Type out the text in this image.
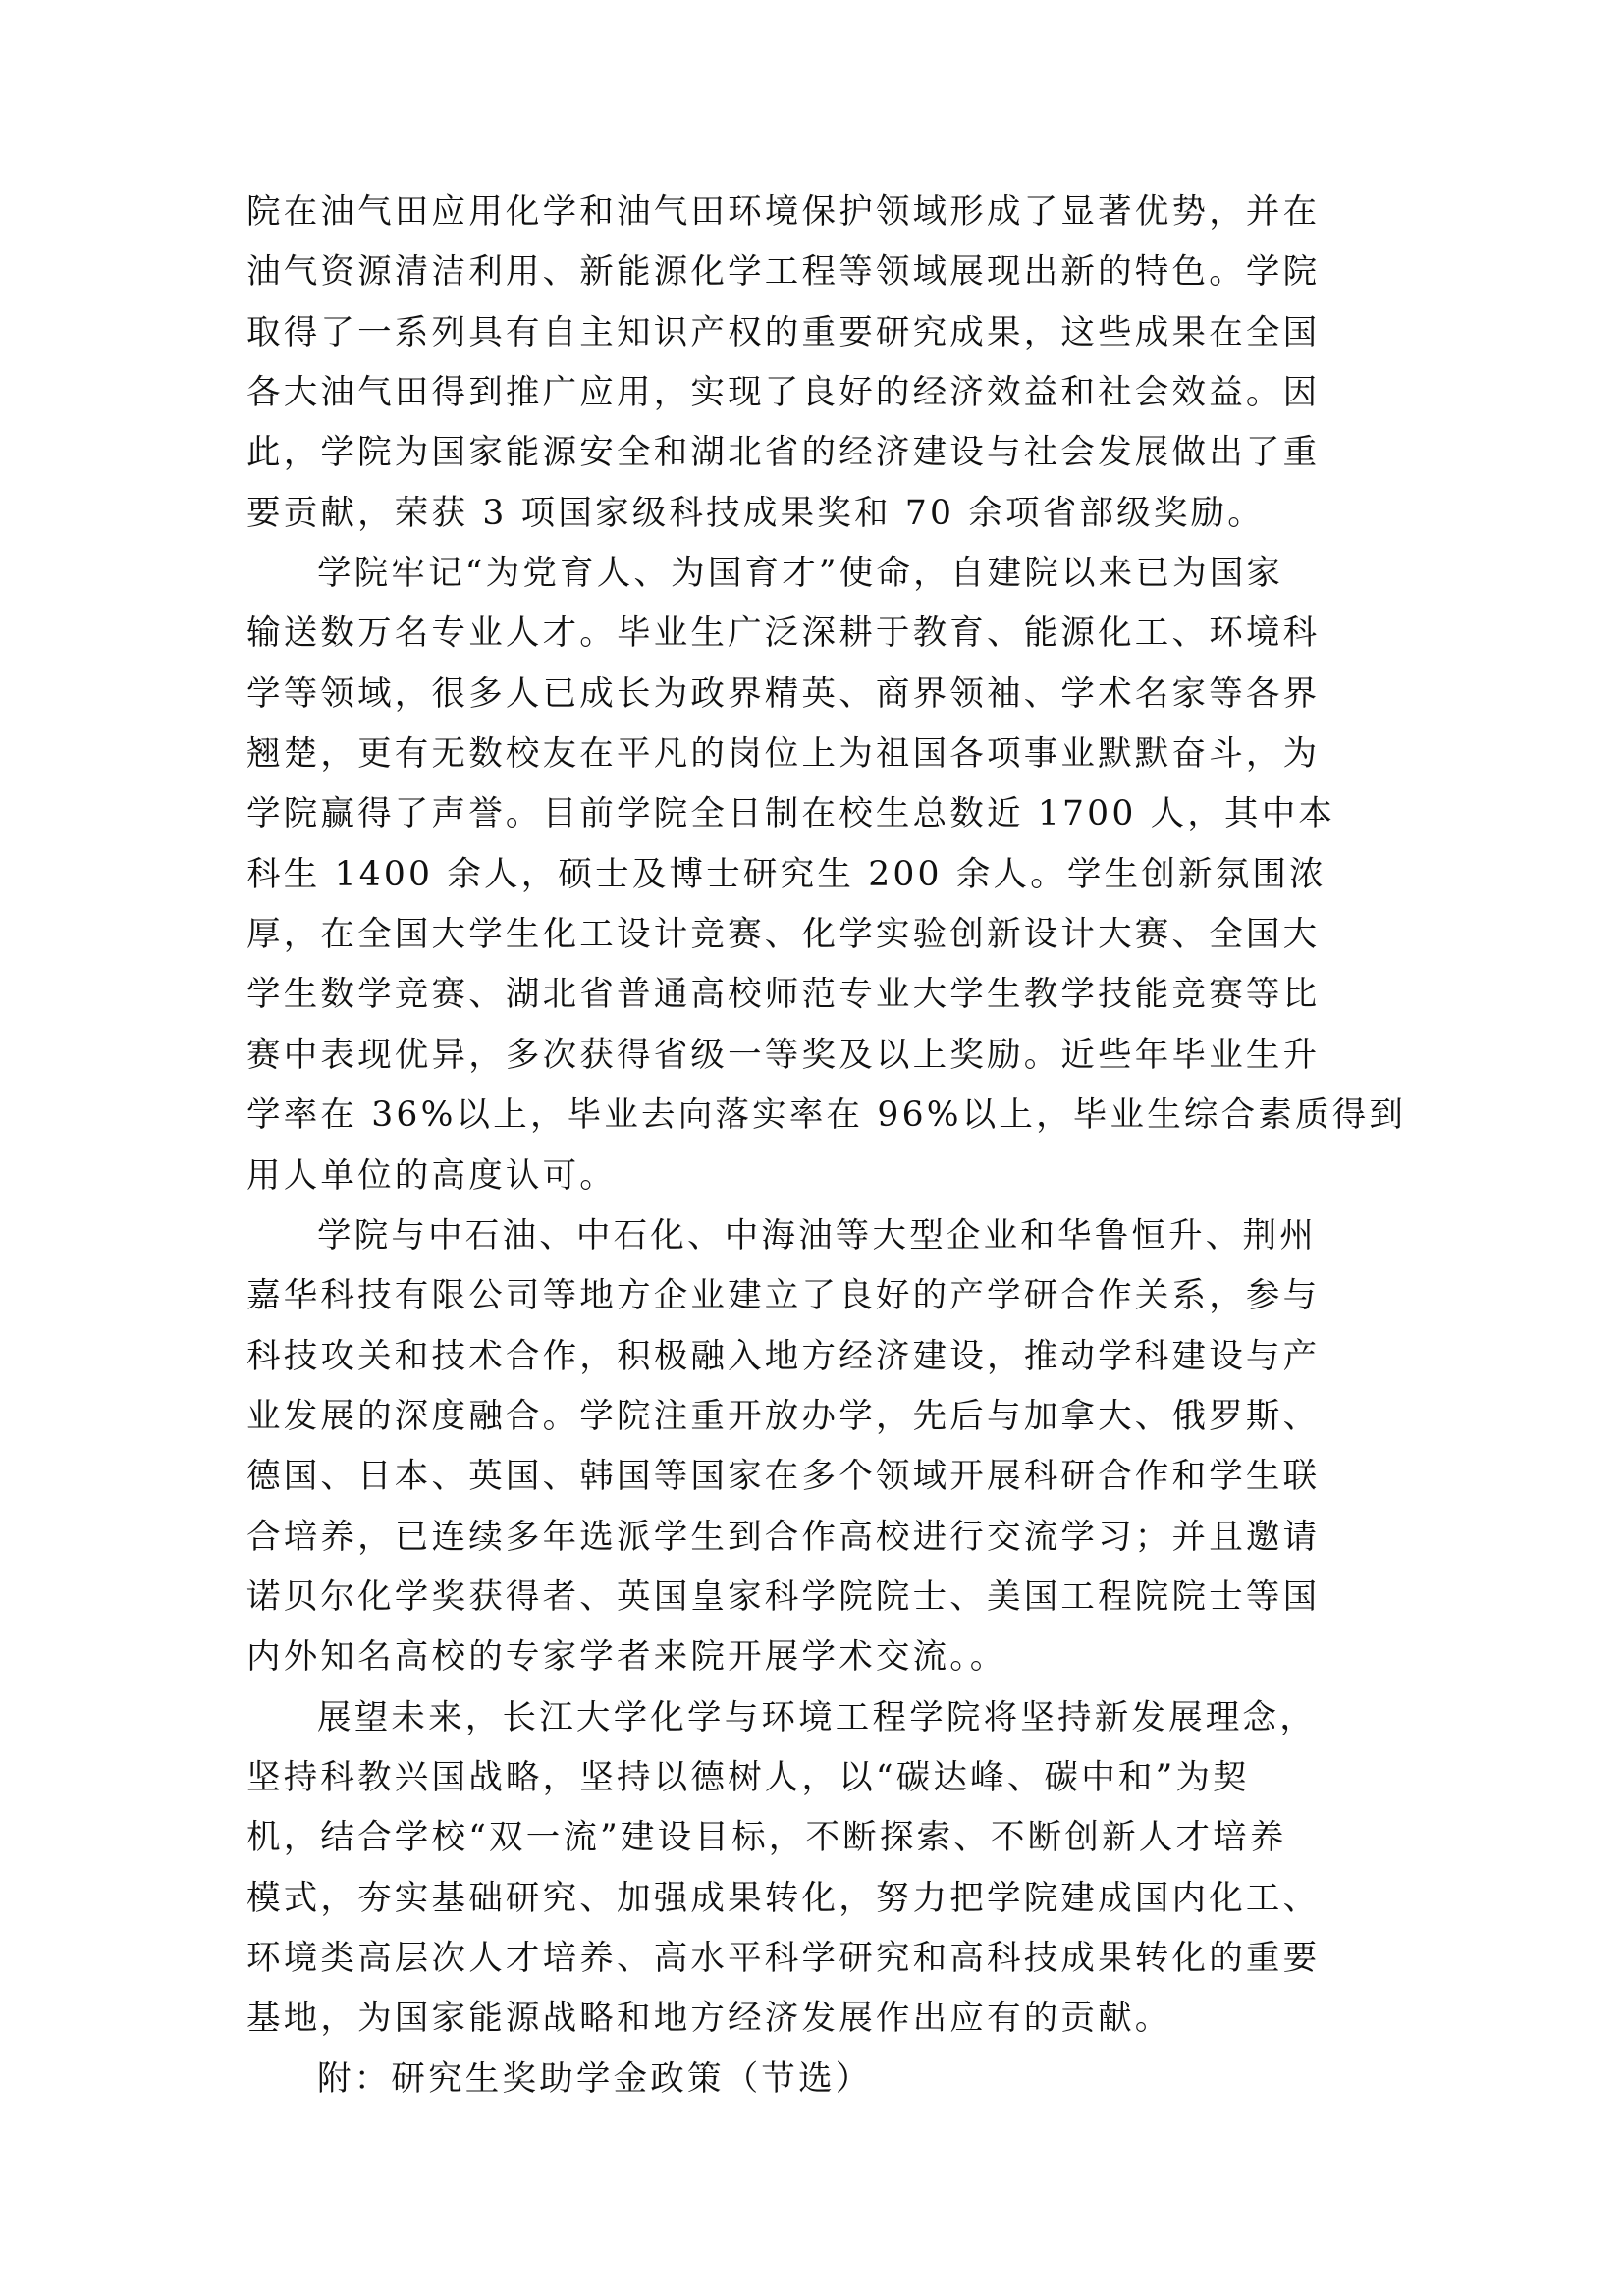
院在油气田应用化学和油气田环境保护领域形成了显著优势，并在
油气资源清洁利用、新能源化学工程等领域展现出新的特色。学院
取得了一系列具有自主知识产权的重要研究成果，这些成果在全国
各大油气田得到推广应用，实现了良好的经济效益和社会效益。因
此，学院为国家能源安全和湖北省的经济建设与社会发展做出了重
要贡献，荣获 3 项国家级科技成果奖和 70 余项省部级奖励。
学院牢记“为党育人、为国育才”使命，自建院以来已为国家
输送数万名专业人才。毕业生广泛深耕于教育、能源化工、环境科
学等领域，很多人已成长为政界精英、商界领袖、学术名家等各界
翘楚，更有无数校友在平凡的岗位上为祖国各项事业默默奋斗，为
学院赢得了声誉。目前学院全日制在校生总数近 1700 人，其中本
科生 1400 余人，硕士及博士研究生 200 余人。学生创新氛围浓
厚，在全国大学生化工设计竞赛、化学实验创新设计大赛、全国大
学生数学竞赛、湖北省普通高校师范专业大学生教学技能竞赛等比
赛中表现优异，多次获得省级一等奖及以上奖励。近些年毕业生升
学率在 36%以上，毕业去向落实率在 96%以上，毕业生综合素质得到
用人单位的高度认可。
学院与中石油、中石化、中海油等大型企业和华鲁恒升、荆州
嘉华科技有限公司等地方企业建立了良好的产学研合作关系，参与
科技攻关和技术合作，积极融入地方经济建设，推动学科建设与产
业发展的深度融合。学院注重开放办学，先后与加拿大、俄罗斯、
德国、日本、英国、韩国等国家在多个领域开展科研合作和学生联
合培养，已连续多年选派学生到合作高校进行交流学习；并且邀请
诺贝尔化学奖获得者、英国皇家科学院院士、美国工程院院士等国
内外知名高校的专家学者来院开展学术交流。。
展望未来，长江大学化学与环境工程学院将坚持新发展理念，
坚持科教兴国战略，坚持以德树人，以“碳达峰、碳中和”为契
机，结合学校“双一流”建设目标，不断探索、不断创新人才培养
模式，夯实基础研究、加强成果转化，努力把学院建成国内化工、
环境类高层次人才培养、高水平科学研究和高科技成果转化的重要
基地，为国家能源战略和地方经济发展作出应有的贡献。
附：研究生奖助学金政策（节选）
